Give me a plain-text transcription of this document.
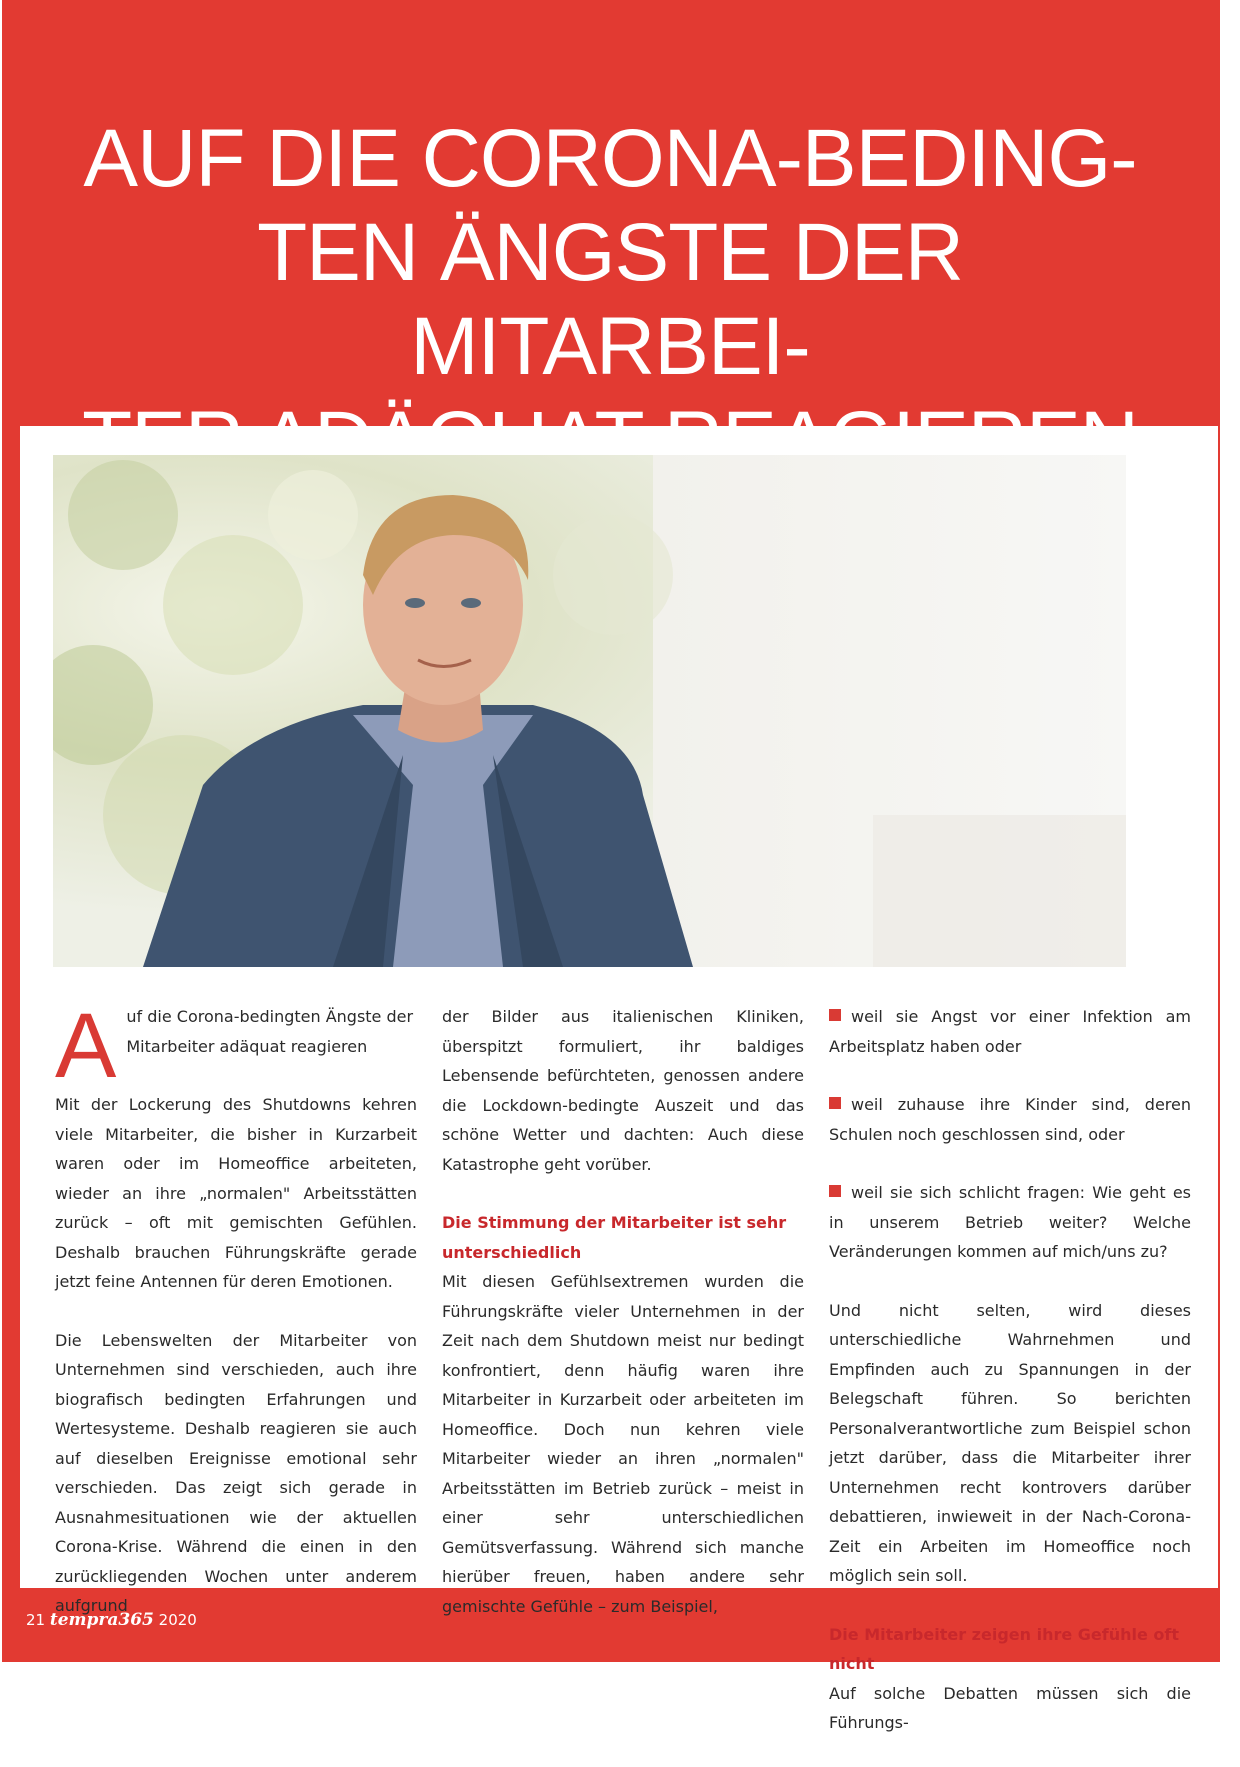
AUF DIE CORONA-BEDING-
TEN ÄNGSTE DER MITARBEI-

A uf die Corona-bedingten Ängste der Mitarbeiter adäquat reagieren

Mit der Lockerung des Shutdowns kehren viele Mitarbeiter, die bisher in Kurzarbeit waren oder im Homeoffice arbeiteten, wieder an ihre „normalen" Arbeitsstätten zurück – oft mit gemischten Gefühlen. Deshalb brauchen Führungskräfte gerade jetzt feine Antennen für deren Emotionen.

Die Lebenswelten der Mitarbeiter von Unternehmen sind verschieden, auch ihre biografisch bedingten Erfahrungen und Wertesysteme. Deshalb reagieren sie auch auf dieselben Ereignisse emotional sehr verschieden. Das zeigt sich gerade in Ausnahmesituationen wie der aktuellen Corona-Krise. Während die einen in den zurückliegenden Wochen unter anderem aufgrund

der Bilder aus italienischen Kliniken, überspitzt formuliert, ihr baldiges Lebensende befürchteten, genossen andere die Lockdown-bedingte Auszeit und das schöne Wetter und dachten: Auch diese Katastrophe geht vorüber.

Die Stimmung der Mitarbeiter ist sehr unterschiedlich

Mit diesen Gefühlsextremen wurden die Führungskräfte vieler Unternehmen in der Zeit nach dem Shutdown meist nur bedingt konfrontiert, denn häufig waren ihre Mitarbeiter in Kurzarbeit oder arbeiteten im Homeoffice. Doch nun kehren viele Mitarbeiter wieder an ihren „normalen" Arbeitsstätten im Betrieb zurück – meist in einer sehr unterschiedlichen Gemütsverfassung. Während sich manche hierüber freuen, haben andere sehr gemischte Gefühle – zum Beispiel,

weil sie Angst vor einer Infektion am Arbeitsplatz haben oder

weil zuhause ihre Kinder sind, deren Schulen noch geschlossen sind, oder

weil sie sich schlicht fragen: Wie geht es in unserem Betrieb weiter? Welche Veränderungen kommen auf mich/uns zu?

Und nicht selten, wird dieses unterschiedliche Wahrnehmen und Empfinden auch zu Spannungen in der Belegschaft führen. So berichten Personalverantwortliche zum Beispiel schon jetzt darüber, dass die Mitarbeiter ihrer Unternehmen recht kontrovers darüber debattieren, inwieweit in der Nach-Corona-Zeit ein Arbeiten im Homeoffice noch möglich sein soll.

Die Mitarbeiter zeigen ihre Gefühle oft nicht

Auf solche Debatten müssen sich die Führungs-

21 tempra365 2020
